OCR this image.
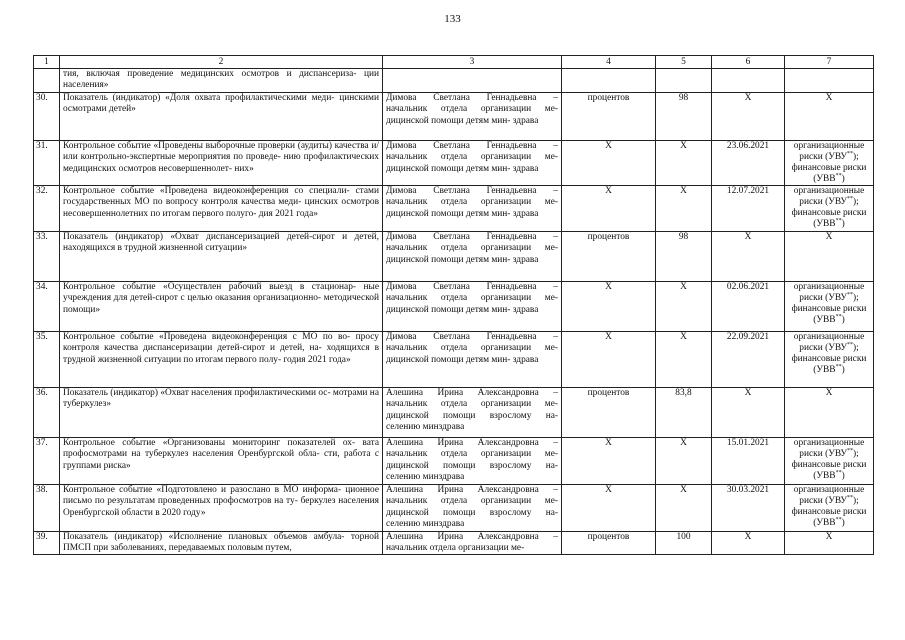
133
1	2	3	4	5	6	7
	тия, включая проведение медицинских осмотров и диспансериза- ции населения»					
30.	Показатель (индикатор) «Доля охвата профилактическими меди- цинскими осмотрами детей»	Димова Светлана Геннадьевна – начальник отдела организации ме- дицинской помощи детям мин- здрава	процентов	98	X	X
31.	Контрольное событие «Проведены выборочные проверки (аудиты) качества и/или контрольно-экспертные мероприятия по проведе- нию профилактических медицинских осмотров несовершеннолет- них»	Димова Светлана Геннадьевна – начальник отдела организации ме- дицинской помощи детям мин- здрава	X	X	23.06.2021	организационные риски (УВУ**); финансовые риски (УВВ**)
32.	Контрольное событие «Проведена видеоконференция со специали- стами государственных МО по вопросу контроля качества меди- цинских осмотров несовершеннолетних по итогам первого полуго- дия 2021 года»	Димова Светлана Геннадьевна – начальник отдела организации ме- дицинской помощи детям мин- здрава	X	X	12.07.2021	организационные риски (УВУ**); финансовые риски (УВВ**)
33.	Показатель (индикатор) «Охват диспансеризацией детей-сирот и детей, находящихся в трудной жизненной ситуации»	Димова Светлана Геннадьевна – начальник отдела организации ме- дицинской помощи детям мин- здрава	процентов	98	X	X
34.	Контрольное событие «Осуществлен рабочий выезд в стационар- ные учреждения для детей-сирот с целью оказания организационно- методической помощи»	Димова Светлана Геннадьевна – начальник отдела организации ме- дицинской помощи детям мин- здрава	X	X	02.06.2021	организационные риски (УВУ**); финансовые риски (УВВ**)
35.	Контрольное событие «Проведена видеоконференция с МО по во- просу контроля качества диспансеризации детей-сирот и детей, на- ходящихся в трудной жизненной ситуации по итогам первого полу- годия 2021 года»	Димова Светлана Геннадьевна – начальник отдела организации ме- дицинской помощи детям мин- здрава	X	X	22.09.2021	организационные риски (УВУ**); финансовые риски (УВВ**)
36.	Показатель (индикатор) «Охват населения профилактическими ос- мотрами на туберкулез»	Алешина Ирина Александровна – начальник отдела организации ме- дицинской помощи взрослому на- селению минздрава	процентов	83,8	X	X
37.	Контрольное событие «Организованы мониторинг показателей ох- вата профосмотрами на туберкулез населения Оренбургской обла- сти, работа с группами риска»	Алешина Ирина Александровна – начальник отдела организации ме- дицинской помощи взрослому на- селению минздрава	X	X	15.01.2021	организационные риски (УВУ**); финансовые риски (УВВ**)
38.	Контрольное событие «Подготовлено и разослано в МО информа- ционное письмо по результатам проведенных профосмотров на ту- беркулез населения Оренбургской области в 2020 году»	Алешина Ирина Александровна – начальник отдела организации ме- дицинской помощи взрослому на- селению минздрава	X	X	30.03.2021	организационные риски (УВУ**); финансовые риски (УВВ**)
39.	Показатель (индикатор) «Исполнение плановых объемов амбула- торной ПМСП при заболеваниях, передаваемых половым путем,	Алешина Ирина Александровна – начальник отдела организации ме-	процентов	100	X	X
